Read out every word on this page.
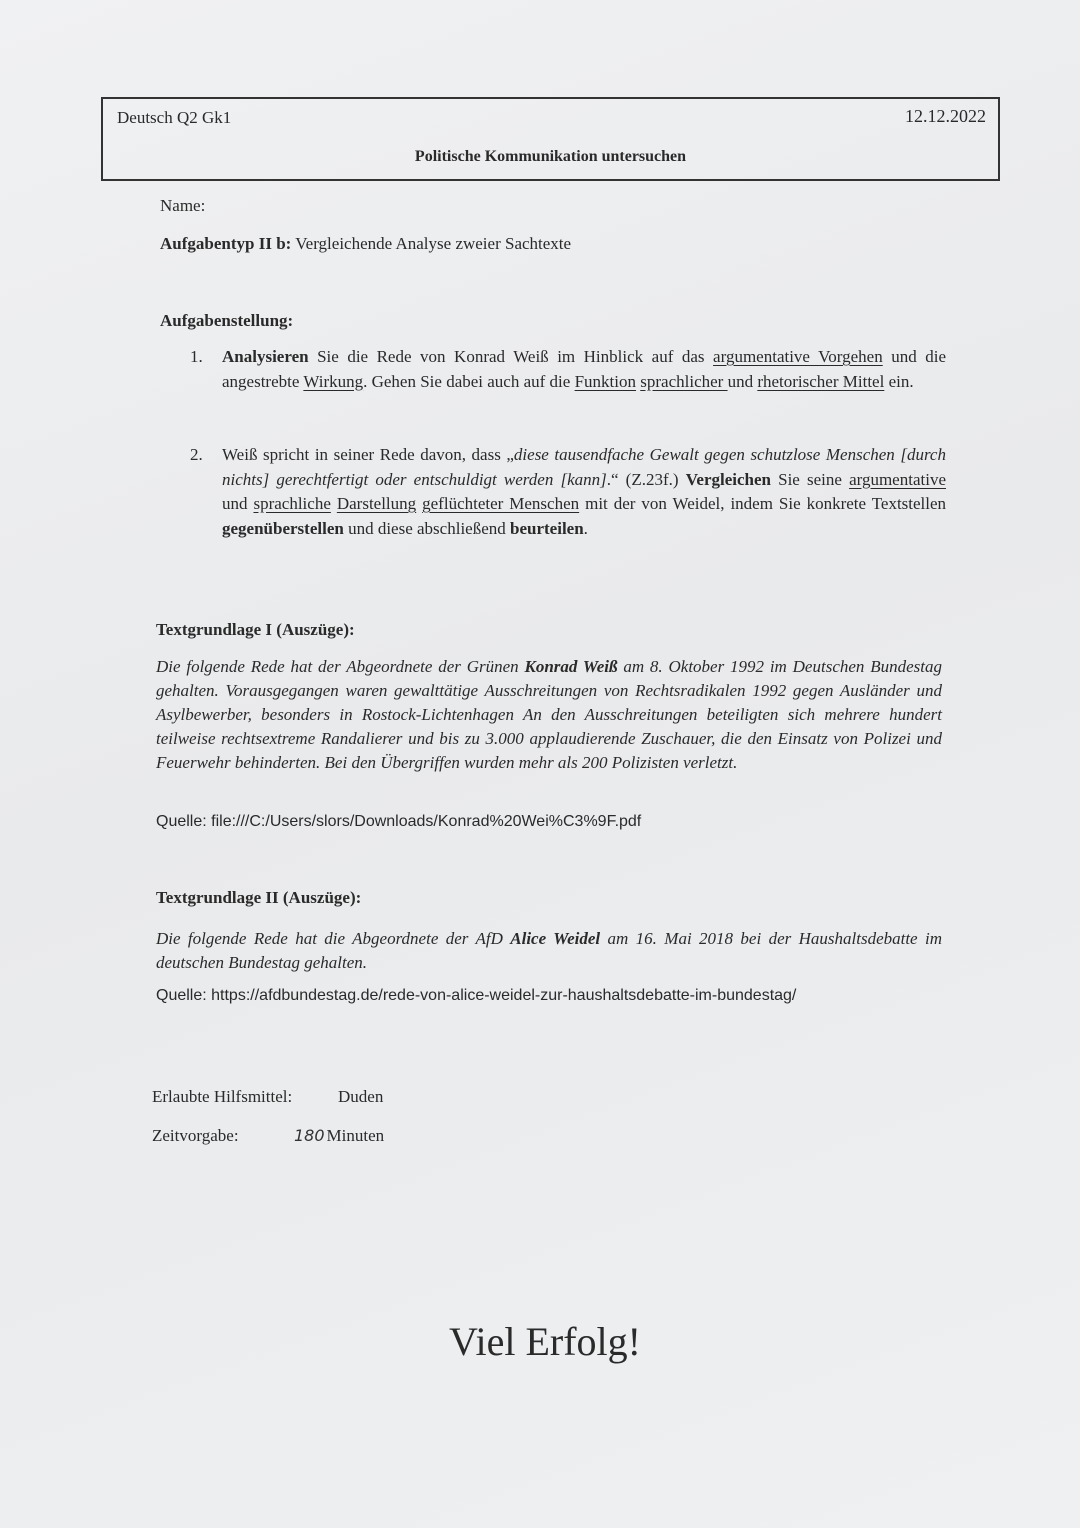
Deutsch Q2 Gk1	12.12.2022
Politische Kommunikation untersuchen
Name:
Aufgabentyp II b: Vergleichende Analyse zweier Sachtexte
Aufgabenstellung:
1. Analysieren Sie die Rede von Konrad Weiß im Hinblick auf das argumentative Vorgehen und die angestrebte Wirkung. Gehen Sie dabei auch auf die Funktion sprachlicher und rhetorischer Mittel ein.
2. Weiß spricht in seiner Rede davon, dass „diese tausendfache Gewalt gegen schutzlose Menschen [durch nichts] gerechtfertigt oder entschuldigt werden [kann].“ (Z.23f.) Vergleichen Sie seine argumentative und sprachliche Darstellung geflüchteter Menschen mit der von Weidel, indem Sie konkrete Textstellen gegenüberstellen und diese abschließend beurteilen.
Textgrundlage I (Auszüge):
Die folgende Rede hat der Abgeordnete der Grünen Konrad Weiß am 8. Oktober 1992 im Deutschen Bundestag gehalten. Vorausgegangen waren gewalttätige Ausschreitungen von Rechtsradikalen 1992 gegen Ausländer und Asylbewerber, besonders in Rostock-Lichtenhagen An den Ausschreitungen beteiligten sich mehrere hundert teilweise rechtsextreme Randalierer und bis zu 3.000 applaudierende Zuschauer, die den Einsatz von Polizei und Feuerwehr behinderten. Bei den Übergriffen wurden mehr als 200 Polizisten verletzt.
Quelle: file:///C:/Users/slors/Downloads/Konrad%20Wei%C3%9F.pdf
Textgrundlage II (Auszüge):
Die folgende Rede hat die Abgeordnete der AfD Alice Weidel am 16. Mai 2018 bei der Haushaltsdebatte im deutschen Bundestag gehalten.
Quelle: https://afdbundestag.de/rede-von-alice-weidel-zur-haushaltsdebatte-im-bundestag/
Erlaubte Hilfsmittel:	Duden
Zeitvorgabe:	180 Minuten
Viel Erfolg!
